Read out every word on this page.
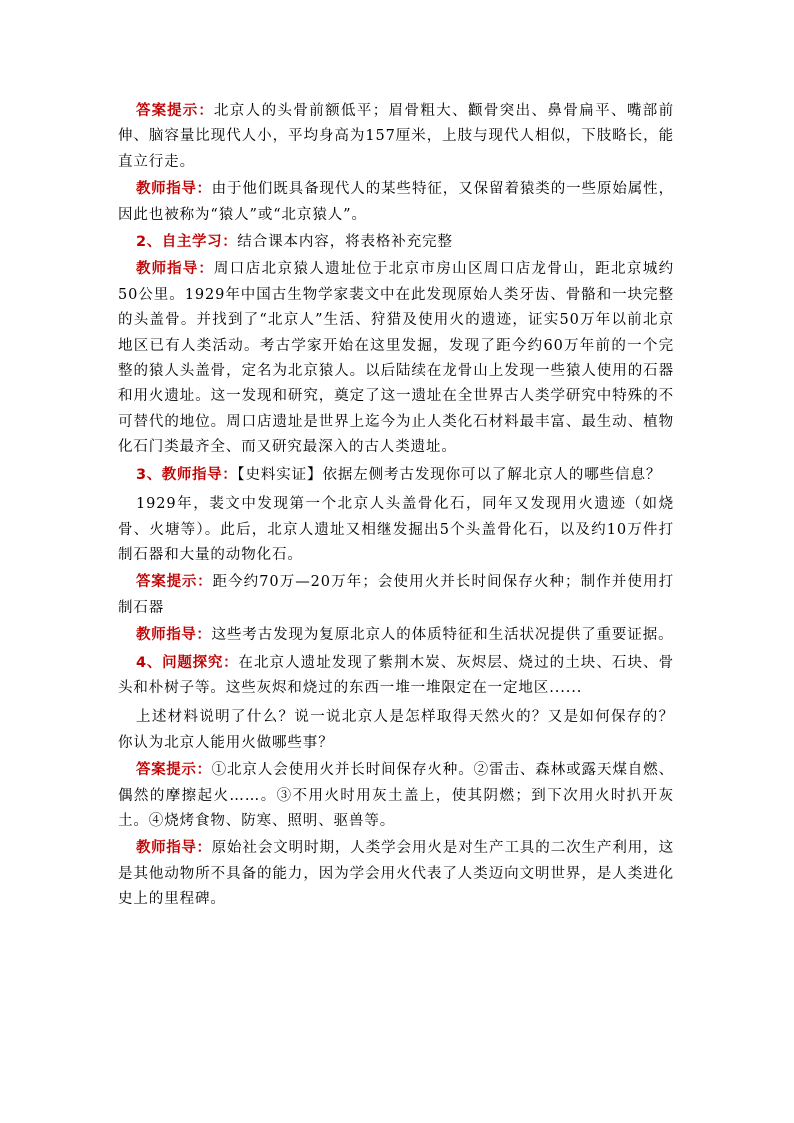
答案提示：北京人的头骨前额低平；眉骨粗大、颧骨突出、鼻骨扁平、嘴部前伸、脑容量比现代人小，平均身高为157厘米，上肢与现代人相似，下肢略长，能直立行走。

教师指导：由于他们既具备现代人的某些特征，又保留着猿类的一些原始属性，因此也被称为“猿人”或“北京猿人”。

2、自主学习：结合课本内容，将表格补充完整

教师指导：周口店北京猿人遗址位于北京市房山区周口店龙骨山，距北京城约50公里。1929年中国古生物学家裴文中在此发现原始人类牙齿、骨骼和一块完整的头盖骨。并找到了“北京人”生活、狩猎及使用火的遗迹，证实50万年以前北京地区已有人类活动。考古学家开始在这里发掘，发现了距今约60万年前的一个完整的猿人头盖骨，定名为北京猿人。以后陆续在龙骨山上发现一些猿人使用的石器和用火遗址。这一发现和研究，奠定了这一遗址在全世界古人类学研究中特殊的不可替代的地位。周口店遗址是世界上迄今为止人类化石材料最丰富、最生动、植物化石门类最齐全、而又研究最深入的古人类遗址。

3、教师指导：【史料实证】依据左侧考古发现你可以了解北京人的哪些信息？

1929年，裴文中发现第一个北京人头盖骨化石，同年又发现用火遗迹（如烧骨、火塘等）。此后，北京人遗址又相继发掘出5个头盖骨化石，以及约10万件打制石器和大量的动物化石。

答案提示：距今约70万—20万年；会使用火并长时间保存火种；制作并使用打制石器

教师指导：这些考古发现为复原北京人的体质特征和生活状况提供了重要证据。

4、问题探究：在北京人遗址发现了紫荆木炭、灰烬层、烧过的土块、石块、骨头和朴树子等。这些灰烬和烧过的东西一堆一堆限定在一定地区......

上述材料说明了什么？说一说北京人是怎样取得天然火的？又是如何保存的？你认为北京人能用火做哪些事？

答案提示：①北京人会使用火并长时间保存火种。②雷击、森林或露天煤自燃、偶然的摩擦起火……。③不用火时用灰土盖上，使其阴燃；到下次用火时扒开灰土。④烧烤食物、防寒、照明、驱兽等。

教师指导：原始社会文明时期，人类学会用火是对生产工具的二次生产利用，这是其他动物所不具备的能力，因为学会用火代表了人类迈向文明世界，是人类进化史上的里程碑。
